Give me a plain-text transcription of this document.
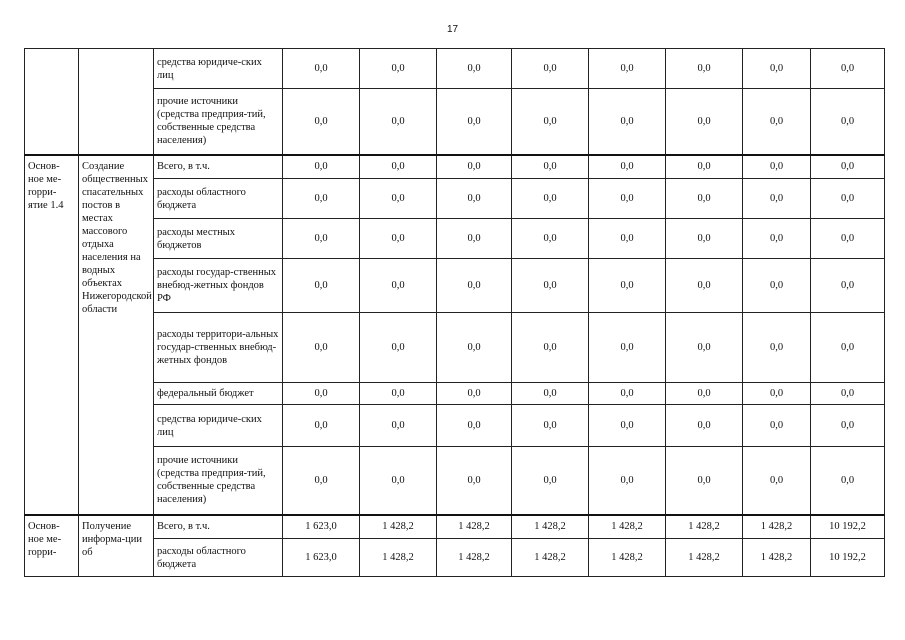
17
		средства юридиче-ских лиц	0,0	0,0	0,0	0,0	0,0	0,0	0,0	0,0
		прочие источники (средства предприя-тий, собственные средства населения)	0,0	0,0	0,0	0,0	0,0	0,0	0,0	0,0
Основ-ное ме-ropри-ятие 1.4	Создание общественных спасательных постов в местах массового отдыха населения на водных объектах Нижегородской области	Всего, в т.ч.	0,0	0,0	0,0	0,0	0,0	0,0	0,0	0,0
		расходы областного бюджета	0,0	0,0	0,0	0,0	0,0	0,0	0,0	0,0
		расходы местных бюджетов	0,0	0,0	0,0	0,0	0,0	0,0	0,0	0,0
		расходы государ-ственных внебюд-жетных фондов РФ	0,0	0,0	0,0	0,0	0,0	0,0	0,0	0,0
		расходы территори-альных государ-ственных внебюд-жетных фондов	0,0	0,0	0,0	0,0	0,0	0,0	0,0	0,0
		федеральный бюджет	0,0	0,0	0,0	0,0	0,0	0,0	0,0	0,0
		средства юридиче-ских лиц	0,0	0,0	0,0	0,0	0,0	0,0	0,0	0,0
		прочие источники (средства предприя-тий, собственные средства населения)	0,0	0,0	0,0	0,0	0,0	0,0	0,0	0,0
Основ-ное ме-ropри-	Получение информа-ции об	Всего, в т.ч.	1 623,0	1 428,2	1 428,2	1 428,2	1 428,2	1 428,2	1 428,2	10 192,2
		расходы областного бюджета	1 623,0	1 428,2	1 428,2	1 428,2	1 428,2	1 428,2	1 428,2	10 192,2
